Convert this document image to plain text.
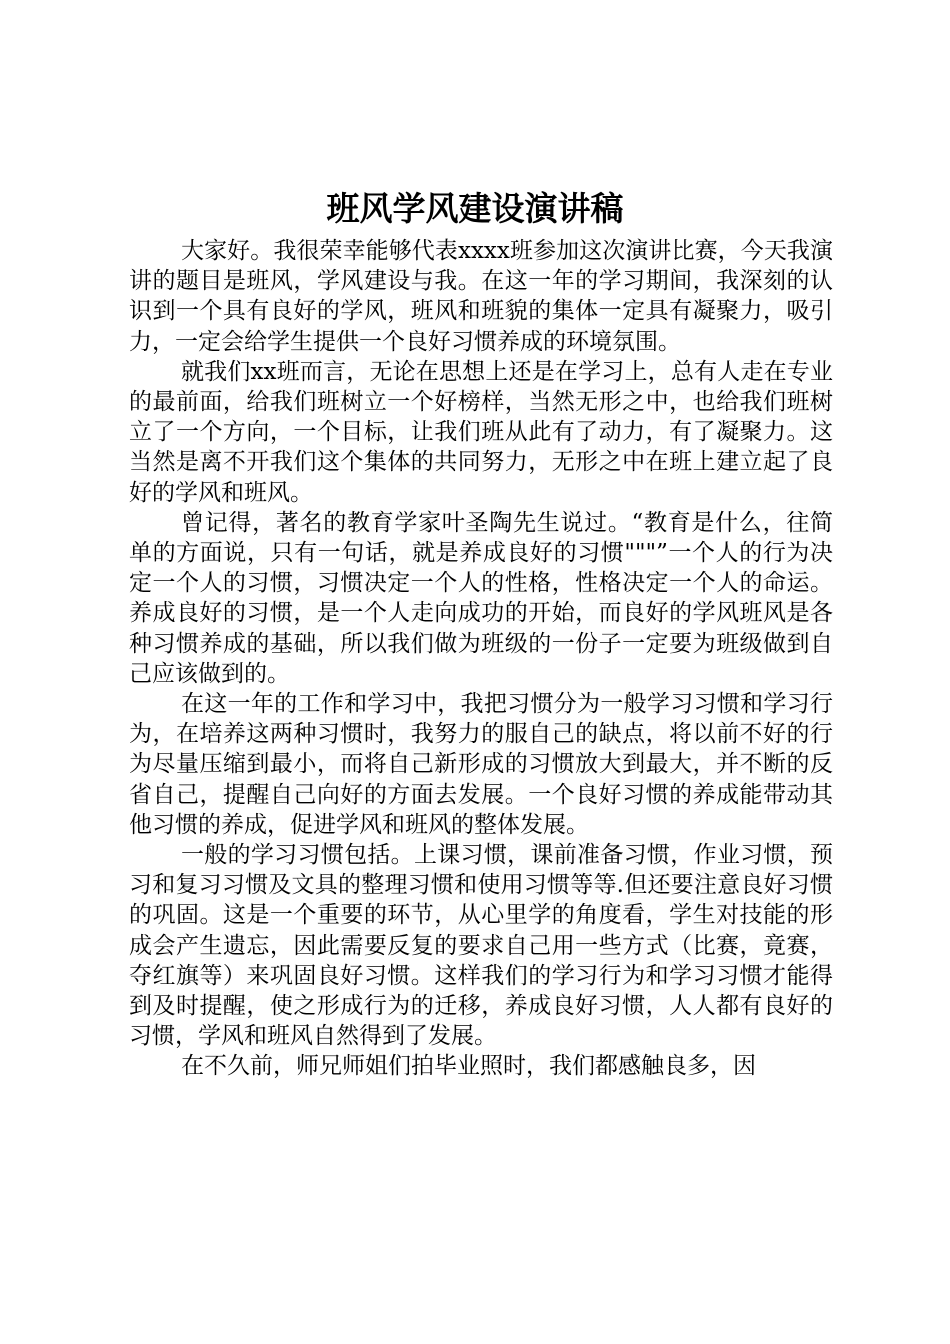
班风学风建设演讲稿

大家好。我很荣幸能够代表xxxx班参加这次演讲比赛，今天我演讲的题目是班风，学风建设与我。在这一年的学习期间，我深刻的认识到一个具有良好的学风，班风和班貌的集体一定具有凝聚力，吸引力，一定会给学生提供一个良好习惯养成的环境氛围。

就我们xx班而言，无论在思想上还是在学习上，总有人走在专业的最前面，给我们班树立一个好榜样，当然无形之中，也给我们班树立了一个方向，一个目标，让我们班从此有了动力，有了凝聚力。这当然是离不开我们这个集体的共同努力，无形之中在班上建立起了良好的学风和班风。

曾记得，著名的教育学家叶圣陶先生说过。“教育是什么，往简单的方面说，只有一句话，就是养成良好的习惯"""”一个人的行为决定一个人的习惯，习惯决定一个人的性格，性格决定一个人的命运。养成良好的习惯，是一个人走向成功的开始，而良好的学风班风是各种习惯养成的基础，所以我们做为班级的一份子一定要为班级做到自己应该做到的。

在这一年的工作和学习中，我把习惯分为一般学习习惯和学习行为，在培养这两种习惯时，我努力的服自己的缺点，将以前不好的行为尽量压缩到最小，而将自己新形成的习惯放大到最大，并不断的反省自己，提醒自己向好的方面去发展。一个良好习惯的养成能带动其他习惯的养成，促进学风和班风的整体发展。

一般的学习习惯包括。上课习惯，课前准备习惯，作业习惯，预习和复习习惯及文具的整理习惯和使用习惯等等.但还要注意良好习惯的巩固。这是一个重要的环节，从心里学的角度看，学生对技能的形成会产生遗忘，因此需要反复的要求自己用一些方式（比赛，竟赛，夺红旗等）来巩固良好习惯。这样我们的学习行为和学习习惯才能得到及时提醒，使之形成行为的迁移，养成良好习惯，人人都有良好的习惯，学风和班风自然得到了发展。

在不久前，师兄师姐们拍毕业照时，我们都感触良多，因
